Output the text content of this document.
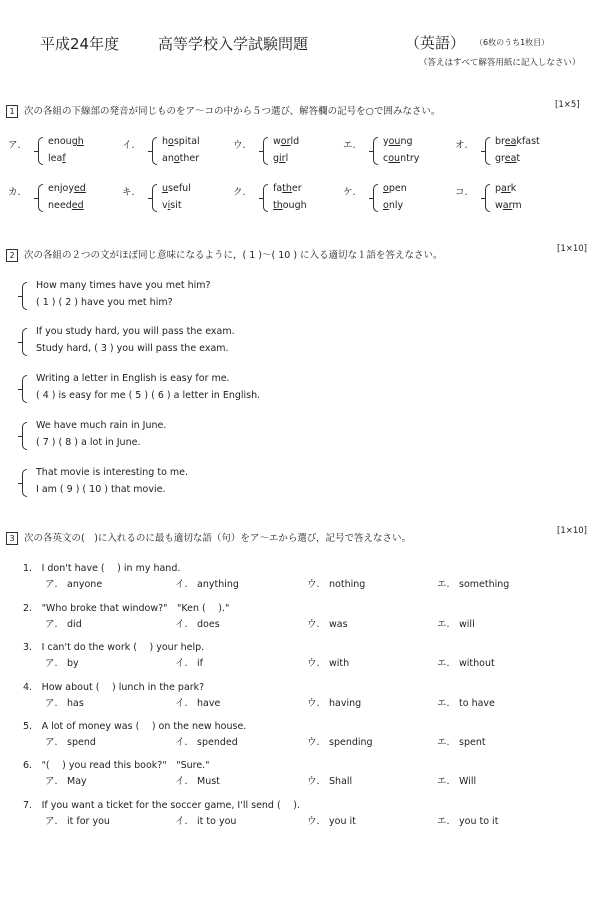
平成24年度	高等学校入学試験問題	（英語） （6枚のうち1枚目）
（答えはすべて解答用紙に記入しなさい）
1 次の各組の下線部の発音が同じものをア～コの中から５つ選び、解答欄の記号を○で囲みなさい。
[1×5]
ア.	enough
leaf
イ.	hospital
another
ウ.	world
girl
エ.	young
country
オ.	breakfast
great
カ.	enjoyed
needed
キ.	useful
visit
ク.	father
though
ケ.	open
only
コ.	park
warm
2 次の各組の２つの文がほぼ同じ意味になるように，( 1 )～( 10 ) に入る適切な１語を答えなさい。
[1×10]
How many times have you met him?
( 1 ) ( 2 ) have you met him?
If you study hard, you will pass the exam.
Study hard, ( 3 ) you will pass the exam.
Writing a letter in English is easy for me.
( 4 ) is easy for me ( 5 ) ( 6 ) a letter in English.
We have much rain in June.
( 7 ) ( 8 ) a lot in June.
That movie is interesting to me.
I am ( 9 ) ( 10 ) that movie.
3 次の各英文の(　)に入れるのに最も適切な語（句）をア～エから選び，記号で答えなさい。
[1×10]
1.　I don't have (　 ) in my hand.
ア.　anyone	イ.　anything	ウ.　nothing	エ.　something
2.　"Who broke that window?"　"Ken (　 )."
ア.　did	イ.　does	ウ.　was	エ.　will
3.　I can't do the work (　 ) your help.
ア.　by	イ.　if	ウ.　with	エ.　without
4.　How about (　 ) lunch in the park?
ア.　has	イ.　have	ウ.　having	エ.　to have
5.　A lot of money was (　 ) on the new house.
ア.　spend	イ.　spended	ウ.　spending	エ.　spent
6.　"(　 ) you read this book?"　"Sure."
ア.　May	イ.　Must	ウ.　Shall	エ.　Will
7.　If you want a ticket for the soccer game, I'll send (　 ).
ア.　it for you	イ.　it to you	ウ.　you it	エ.　you to it
